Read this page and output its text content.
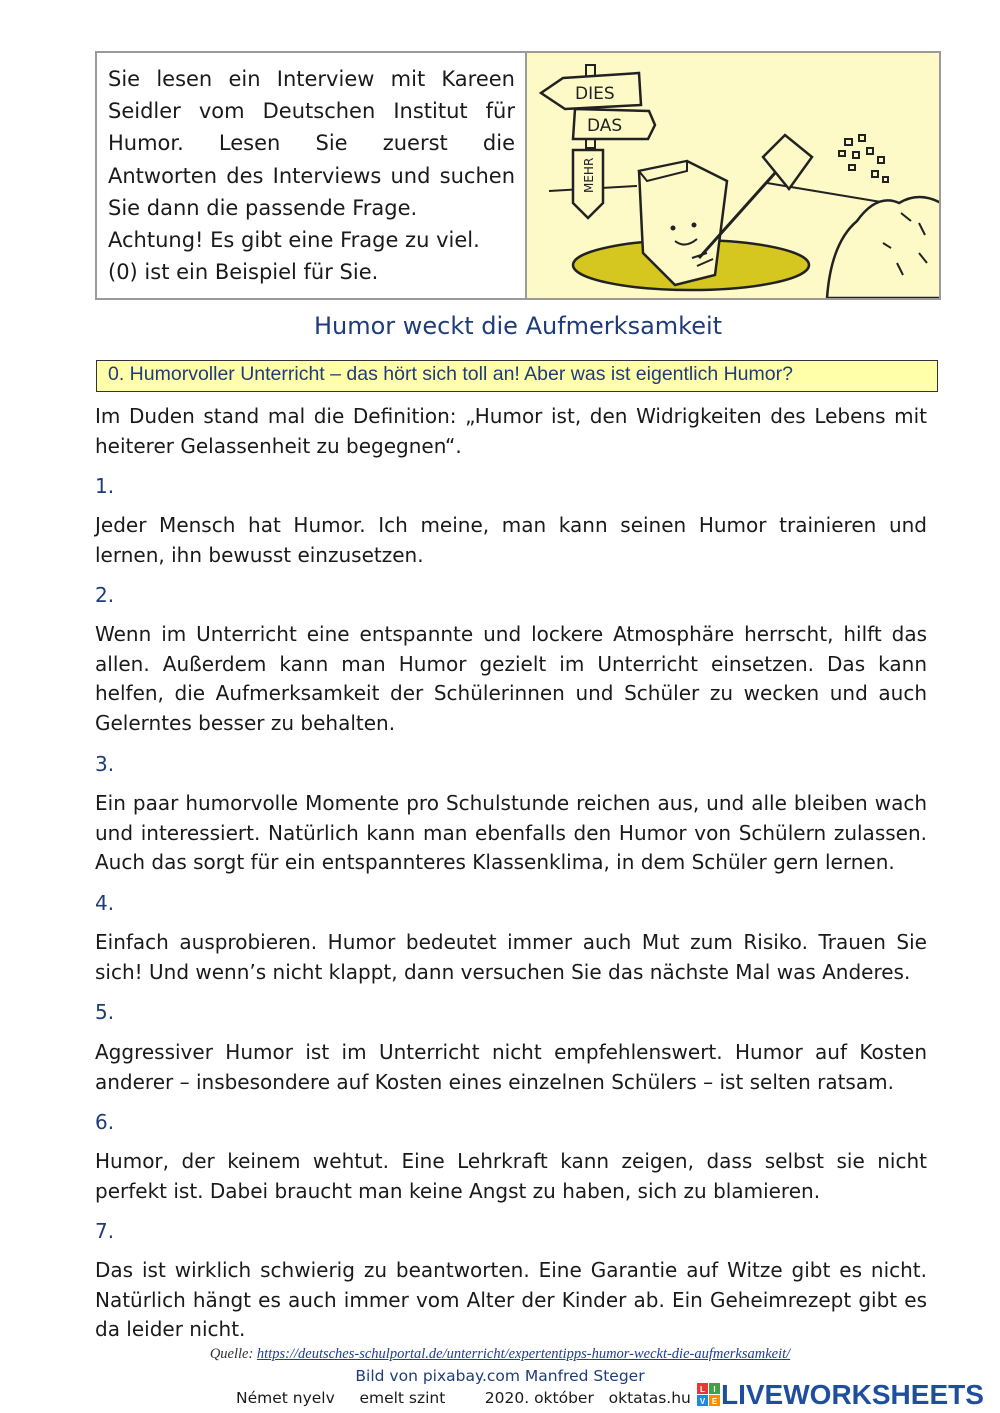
Sie lesen ein Interview mit Kareen Seidler vom Deutschen Institut für Humor. Lesen Sie zuerst die Antworten des Interviews und suchen Sie dann die passende Frage.
Achtung! Es gibt eine Frage zu viel. (0) ist ein Beispiel für Sie.
DIES
DAS
MEHR
Humor weckt die Aufmerksamkeit
0. Humorvoller Unterricht – das hört sich toll an! Aber was ist eigentlich Humor?
Im Duden stand mal die Definition: „Humor ist, den Widrigkeiten des Lebens mit heiterer Gelassenheit zu begegnen“.
1.
Jeder Mensch hat Humor. Ich meine, man kann seinen Humor trainieren und lernen, ihn bewusst einzusetzen.
2.
Wenn im Unterricht eine entspannte und lockere Atmosphäre herrscht, hilft das allen. Außerdem kann man Humor gezielt im Unterricht einsetzen. Das kann helfen, die Aufmerksamkeit der Schülerinnen und Schüler zu wecken und auch Gelerntes besser zu behalten.
3.
Ein paar humorvolle Momente pro Schulstunde reichen aus, und alle bleiben wach und interessiert. Natürlich kann man ebenfalls den Humor von Schülern zulassen. Auch das sorgt für ein entspannteres Klassenklima, in dem Schüler gern lernen.
4.
Einfach ausprobieren. Humor bedeutet immer auch Mut zum Risiko. Trauen Sie sich! Und wenn’s nicht klappt, dann versuchen Sie das nächste Mal was Anderes.
5.
Aggressiver Humor ist im Unterricht nicht empfehlenswert. Humor auf Kosten anderer – insbesondere auf Kosten eines einzelnen Schülers – ist selten ratsam.
6.
Humor, der keinem wehtut. Eine Lehrkraft kann zeigen, dass selbst sie nicht perfekt ist. Dabei braucht man keine Angst zu haben, sich zu blamieren.
7.
Das ist wirklich schwierig zu beantworten. Eine Garantie auf Witze gibt es nicht. Natürlich hängt es auch immer vom Alter der Kinder ab. Ein Geheimrezept gibt es da leider nicht.
Quelle: https://deutsches-schulportal.de/unterricht/expertentipps-humor-weckt-die-aufmerksamkeit/
Bild von pixabay.com Manfred Steger
Német nyelv emelt szint	2020. október oktatas.hu L I
V E LIVEWORKSHEETS
